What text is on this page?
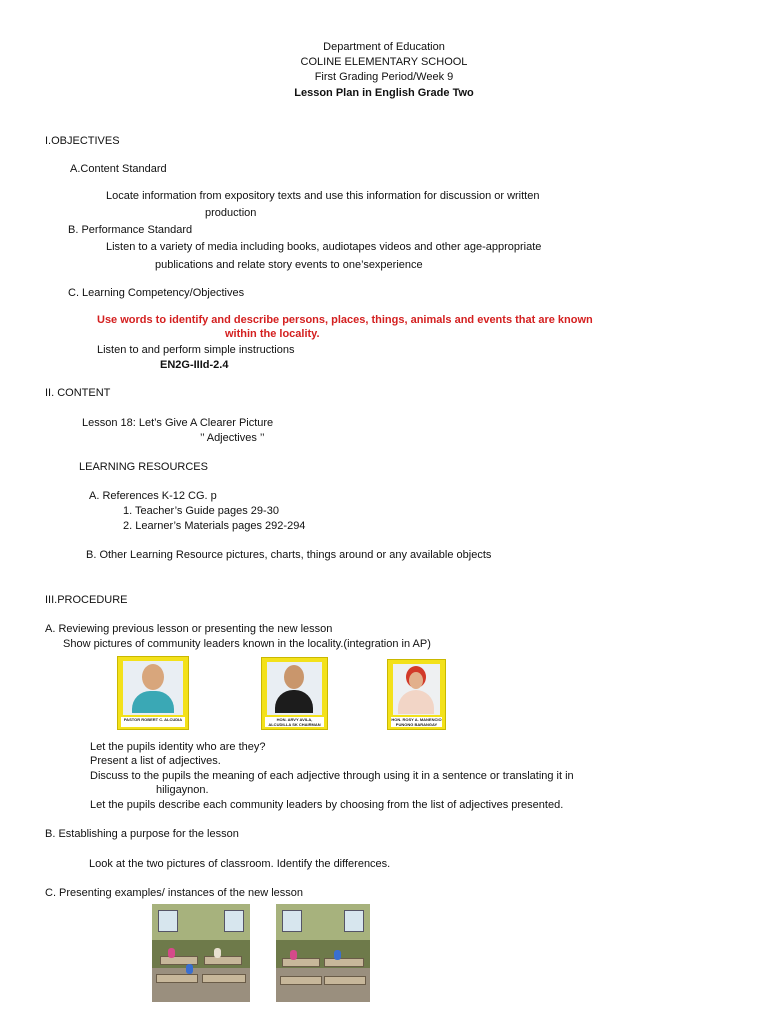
Department of Education
COLINE ELEMENTARY SCHOOL
First Grading Period/Week 9
Lesson Plan in English Grade Two
I.OBJECTIVES
A.Content Standard
Locate information from expository texts and use this information for discussion or written
production
B. Performance Standard
Listen to a variety of media including books, audiotapes videos and other age-appropriate
publications and relate story events to one’sexperience
C. Learning Competency/Objectives
Use words to identify and describe persons, places, things, animals and events that are known
within the locality.
Listen to and perform simple instructions
EN2G-IIId-2.4
II. CONTENT
Lesson 18: Let’s Give A Clearer Picture
’’ Adjectives ’’
LEARNING RESOURCES
A. References K-12 CG. p
1. Teacher’s Guide pages 29-30
2. Learner’s Materials pages 292-294
B. Other Learning Resource pictures, charts, things around or any available objects
III.PROCEDURE
A. Reviewing previous lesson or presenting the new lesson
Show pictures of community leaders known in the locality.(integration in AP)
PASTOR ROBERT C. ALCUDIA	HON. ARVY AVILA, ALCUDILLA SK CHAIRMAN
HON. ROSY A. MANENCIO PUNONG BARANGAY
Let the pupils identity who are they?
Present a list of adjectives.
Discuss to the pupils the meaning of each adjective through using it in a sentence or translating it in
hiligaynon.
Let the pupils describe each community leaders by choosing from the list of adjectives presented.
B. Establishing a purpose for the lesson
Look at the two pictures of classroom. Identify the differences.
C. Presenting examples/ instances of the new lesson
